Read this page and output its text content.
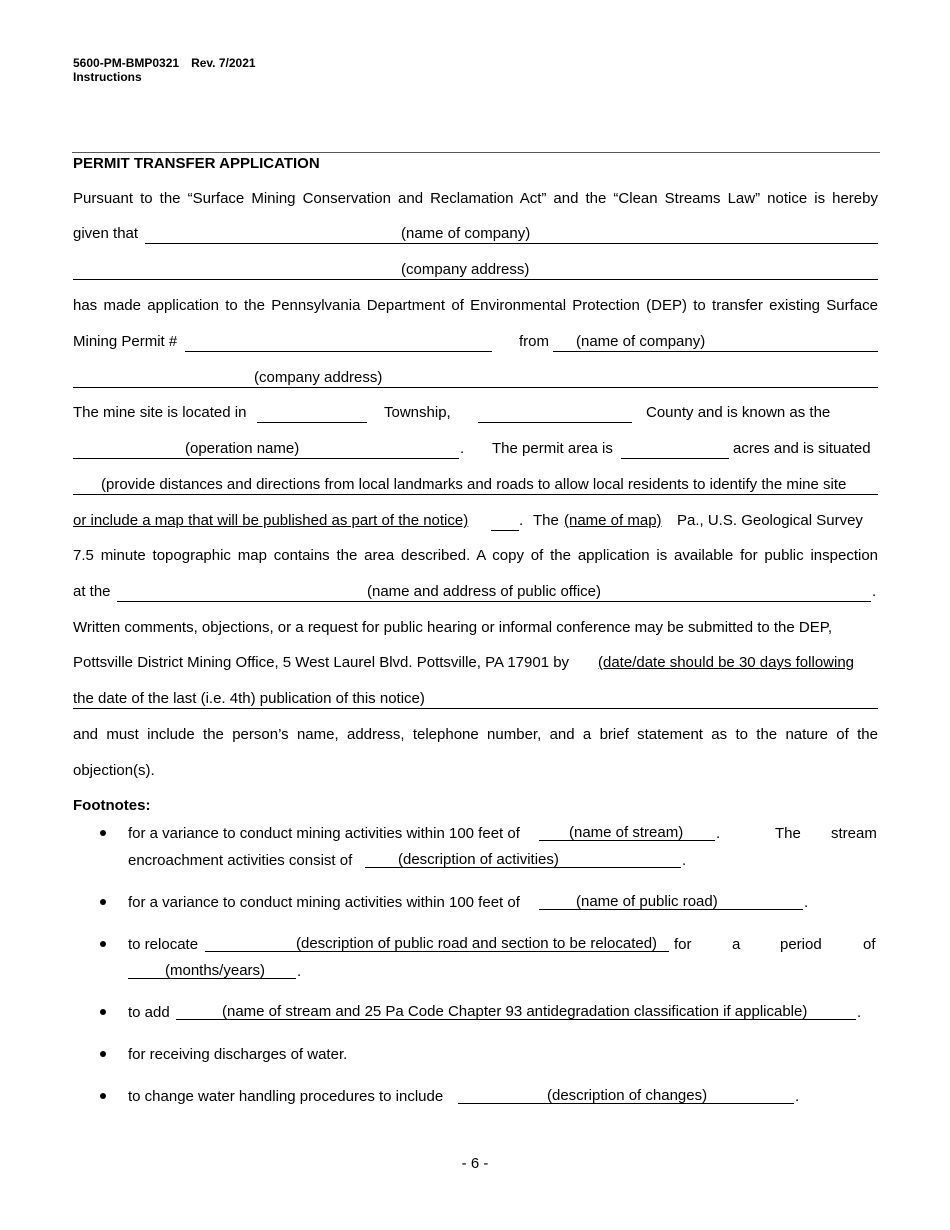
5600-PM-BMP0321 Rev. 7/2021
Instructions
PERMIT TRANSFER APPLICATION
Pursuant to the “Surface Mining Conservation and Reclamation Act” and the “Clean Streams Law” notice is hereby
given that	(name of company)
(company address)
has made application to the Pennsylvania Department of Environmental Protection (DEP) to transfer existing Surface
Mining Permit #	from (name of company)
(company address)
The mine site is located in	Township,	County and is known as the
(operation name)	. The permit area is	acres and is situated
(provide distances and directions from local landmarks and roads to allow local residents to identify the mine site
or include a map that will be published as part of the notice)	. The (name of map) Pa., U.S. Geological Survey
7.5 minute topographic map contains the area described. A copy of the application is available for public inspection
at the	(name and address of public office)	.
Written comments, objections, or a request for public hearing or informal conference may be submitted to the DEP,
Pottsville District Mining Office, 5 West Laurel Blvd. Pottsville, PA 17901 by (date/date should be 30 days following
the date of the last (i.e. 4th) publication of this notice)
and must include the person’s name, address, telephone number, and a brief statement as to the nature of the
objection(s).
Footnotes:
for a variance to conduct mining activities within 100 feet of	(name of stream) .	The stream
encroachment activities consist of	(description of activities)	.
for a variance to conduct mining activities within 100 feet of	(name of public road)	.
to relocate	(description of public road and section to be relocated) for	a	period	of
(months/years) .
to add	(name of stream and 25 Pa Code Chapter 93 antidegradation classification if applicable)	.
for receiving discharges of water.
to change water handling procedures to include	(description of changes)	.
- 6 -
